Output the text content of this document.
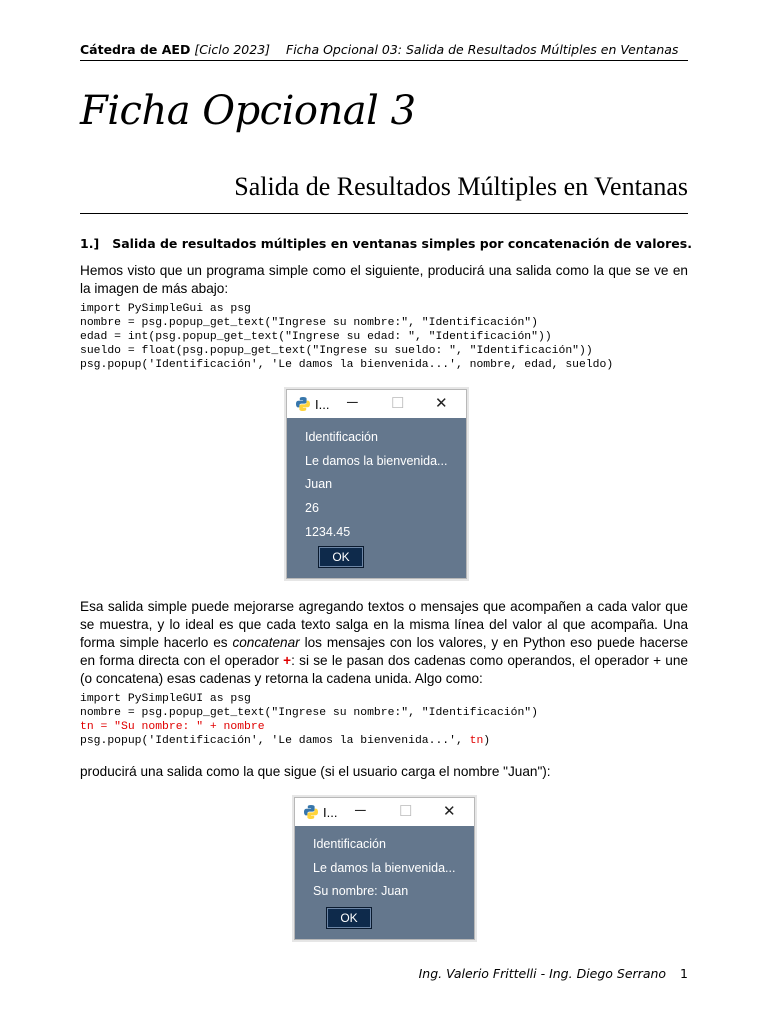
Cátedra de AED [Ciclo 2023] Ficha Opcional 03: Salida de Resultados Múltiples en Ventanas
Ficha Opcional 3
Salida de Resultados Múltiples en Ventanas
1.] Salida de resultados múltiples en ventanas simples por concatenación de valores.
Hemos visto que un programa simple como el siguiente, producirá una salida como la que se ve en la imagen de más abajo:
import PySimpleGui as psg
nombre = psg.popup_get_text("Ingrese su nombre:", "Identificación")
edad = int(psg.popup_get_text("Ingrese su edad: ", "Identificación"))
sueldo = float(psg.popup_get_text("Ingrese su sueldo: ", "Identificación"))
psg.popup('Identificación', 'Le damos la bienvenida...', nombre, edad, sueldo)
I... ─ ☐ ✕
Identificación
Le damos la bienvenida...
Juan
26
1234.45
OK
Esa salida simple puede mejorarse agregando textos o mensajes que acompañen a cada valor que se muestra, y lo ideal es que cada texto salga en la misma línea del valor al que acompaña. Una forma simple hacerlo es concatenar los mensajes con los valores, y en Python eso puede hacerse en forma directa con el operador +: si se le pasan dos cadenas como operandos, el operador + une (o concatena) esas cadenas y retorna la cadena unida. Algo como:
import PySimpleGUI as psg
nombre = psg.popup_get_text("Ingrese su nombre:", "Identificación")
tn = "Su nombre: " + nombre
psg.popup('Identificación', 'Le damos la bienvenida...', tn)
producirá una salida como la que sigue (si el usuario carga el nombre "Juan"):
I... ─ ☐ ✕
Identificación
Le damos la bienvenida...
Su nombre: Juan
OK
Ing. Valerio Frittelli - Ing. Diego Serrano 1
